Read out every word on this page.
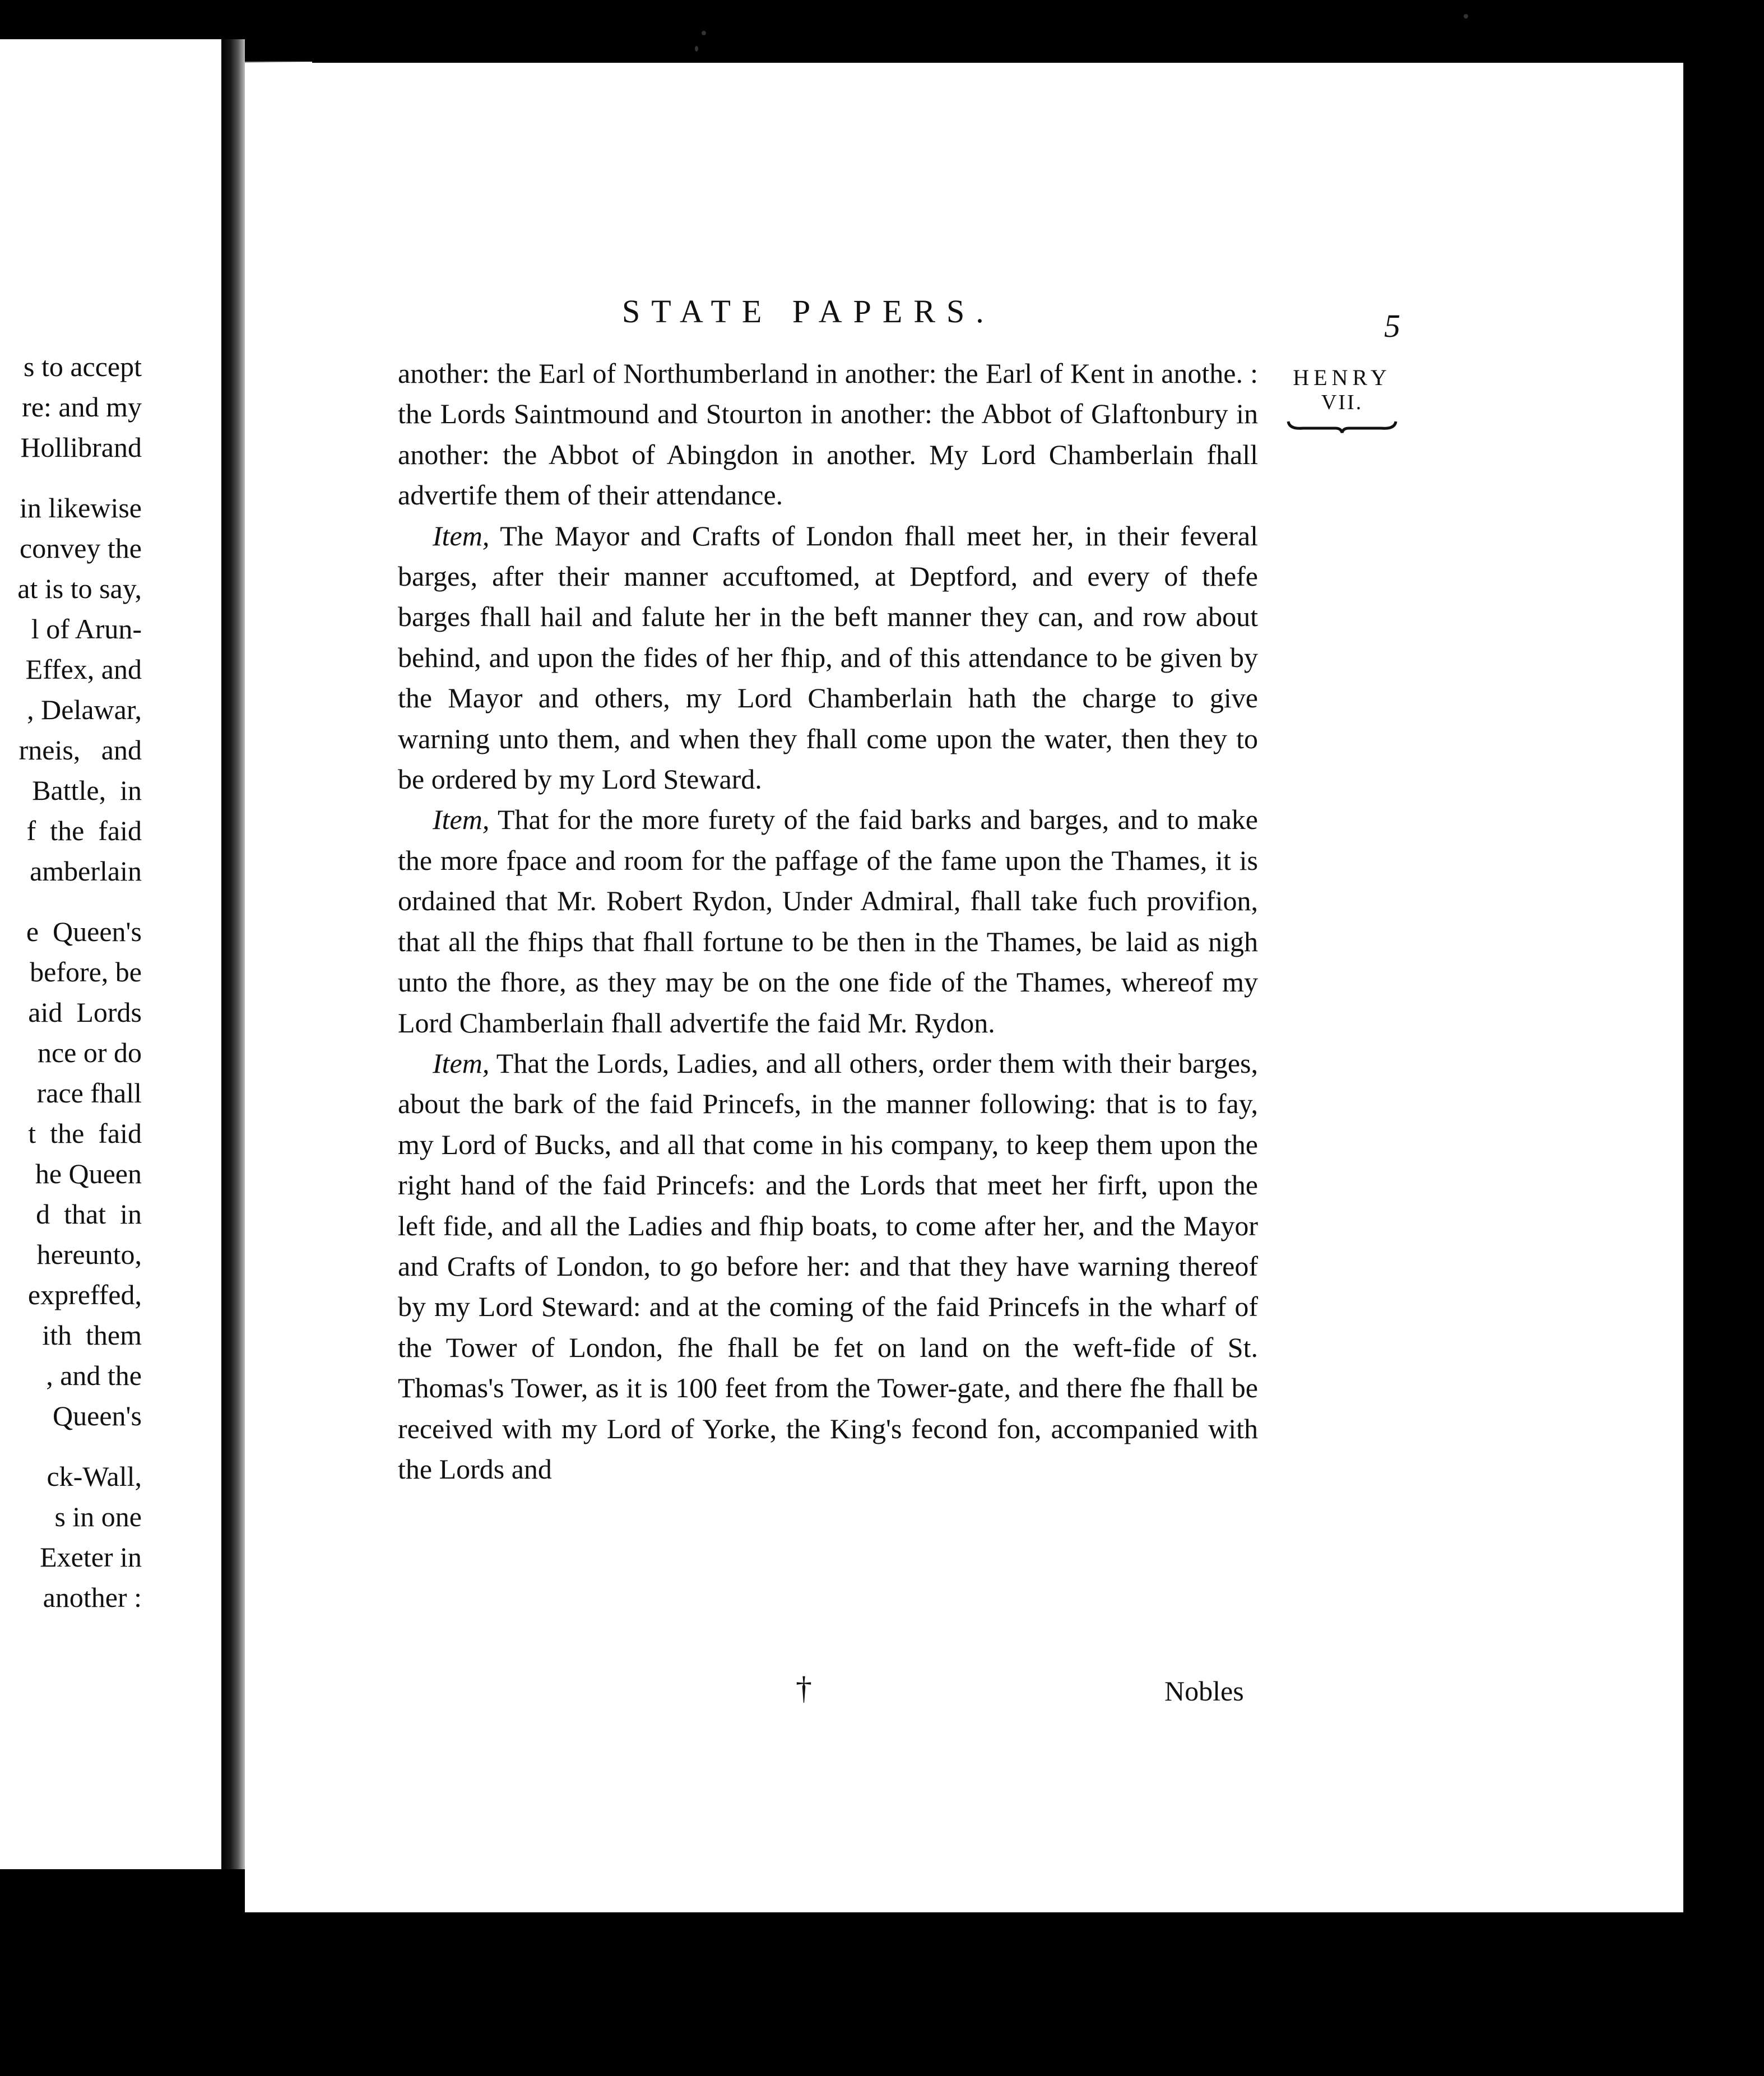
s to accept
re: and my
Hollibrand

in likewise
convey the
at is to say,
l of Arun-
Effex, and
, Delawar,
rneis,   and
Battle,  in
f  the  faid
amberlain

e  Queen's
before, be
aid  Lords
nce or do
race fhall
t  the  faid
he Queen
d  that  in
hereunto,
expreffed,
ith  them
, and the
Queen's

ck-Wall,
s in one
Exeter in
another :
STATE PAPERS.	5
HENRY
VII.

another: the Earl of Northumberland in another: the Earl of Kent in anothe. : the Lords Saintmound and Stourton in another: the Abbot of Glaftonbury in another: the Abbot of Abingdon in another. My Lord Chamberlain fhall advertife them of their attendance.

Item, The Mayor and Crafts of London fhall meet her, in their feveral barges, after their manner accuftomed, at Deptford, and every of thefe barges fhall hail and falute her in the beft manner they can, and row about behind, and upon the fides of her fhip, and of this attendance to be given by the Mayor and others, my Lord Chamberlain hath the charge to give warning unto them, and when they fhall come upon the water, then they to be ordered by my Lord Steward.

Item, That for the more furety of the faid barks and barges, and to make the more fpace and room for the paffage of the fame upon the Thames, it is ordained that Mr. Robert Rydon, Under Admiral, fhall take fuch provifion, that all the fhips that fhall fortune to be then in the Thames, be laid as nigh unto the fhore, as they may be on the one fide of the Thames, whereof my Lord Chamberlain fhall advertife the faid Mr. Rydon.

Item, That the Lords, Ladies, and all others, order them with their barges, about the bark of the faid Princefs, in the manner following: that is to fay, my Lord of Bucks, and all that come in his company, to keep them upon the right hand of the faid Princefs: and the Lords that meet her firft, upon the left fide, and all the Ladies and fhip boats, to come after her, and the Mayor and Crafts of London, to go before her: and that they have warning thereof by my Lord Steward: and at the coming of the faid Princefs in the wharf of the Tower of London, fhe fhall be fet on land on the weft-fide of St. Thomas's Tower, as it is 100 feet from the Tower-gate, and there fhe fhall be received with my Lord of Yorke, the King's fecond fon, accompanied with the Lords and

†	Nobles
